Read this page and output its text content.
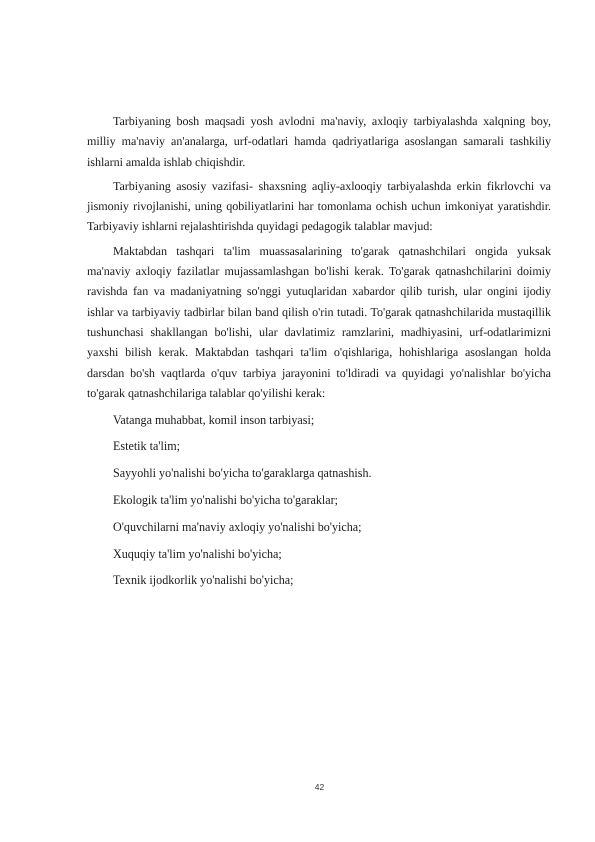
Tarbiyaning bosh maqsadi yosh avlodni ma'naviy, axloqiy tarbiyalashda xalqning boy, milliy ma'naviy an'analarga, urf-odatlari hamda qadriyatlariga asoslangan samarali tashkiliy ishlarni amalda ishlab chiqishdir.

Tarbiyaning asosiy vazifasi- shaxsning aqliy-axlooqiy tarbiyalashda erkin fikrlovchi va jismoniy rivojlanishi, uning qobiliyatlarini har tomonlama ochish uchun imkoniyat yaratishdir. Tarbiyaviy ishlarni rejalashtirishda quyidagi pedagogik talablar mavjud:

Maktabdan tashqari ta'lim muassasalarining to'garak qatnashchilari ongida yuksak ma'naviy axloqiy fazilatlar mujassamlashgan bo'lishi kerak. To'garak qatnashchilarini doimiy ravishda fan va madaniyatning so'nggi yutuqlaridan xabardor qilib turish, ular ongini ijodiy ishlar va tarbiyaviy tadbirlar bilan band qilish o'rin tutadi. To'garak qatnashchilarida mustaqillik tushunchasi shakllangan bo'lishi, ular davlatimiz ramzlarini, madhiyasini, urf-odatlarimizni yaxshi bilish kerak. Maktabdan tashqari ta'lim o'qishlariga, hohishlariga asoslangan holda darsdan bo'sh vaqtlarda o'quv tarbiya jarayonini to'ldiradi va quyidagi yo'nalishlar bo'yicha to'garak qatnashchilariga talablar qo'yilishi kerak:

Vatanga muhabbat, komil inson tarbiyasi;
Estetik ta'lim;
Sayyohli yo'nalishi bo'yicha to'garaklarga qatnashish.
Ekologik ta'lim yo'nalishi bo'yicha to'garaklar;
O'quvchilarni ma'naviy axloqiy yo'nalishi bo'yicha;
Xuquqiy ta'lim yo'nalishi bo'yicha;
Texnik ijodkorlik yo'nalishi bo'yicha;
42
